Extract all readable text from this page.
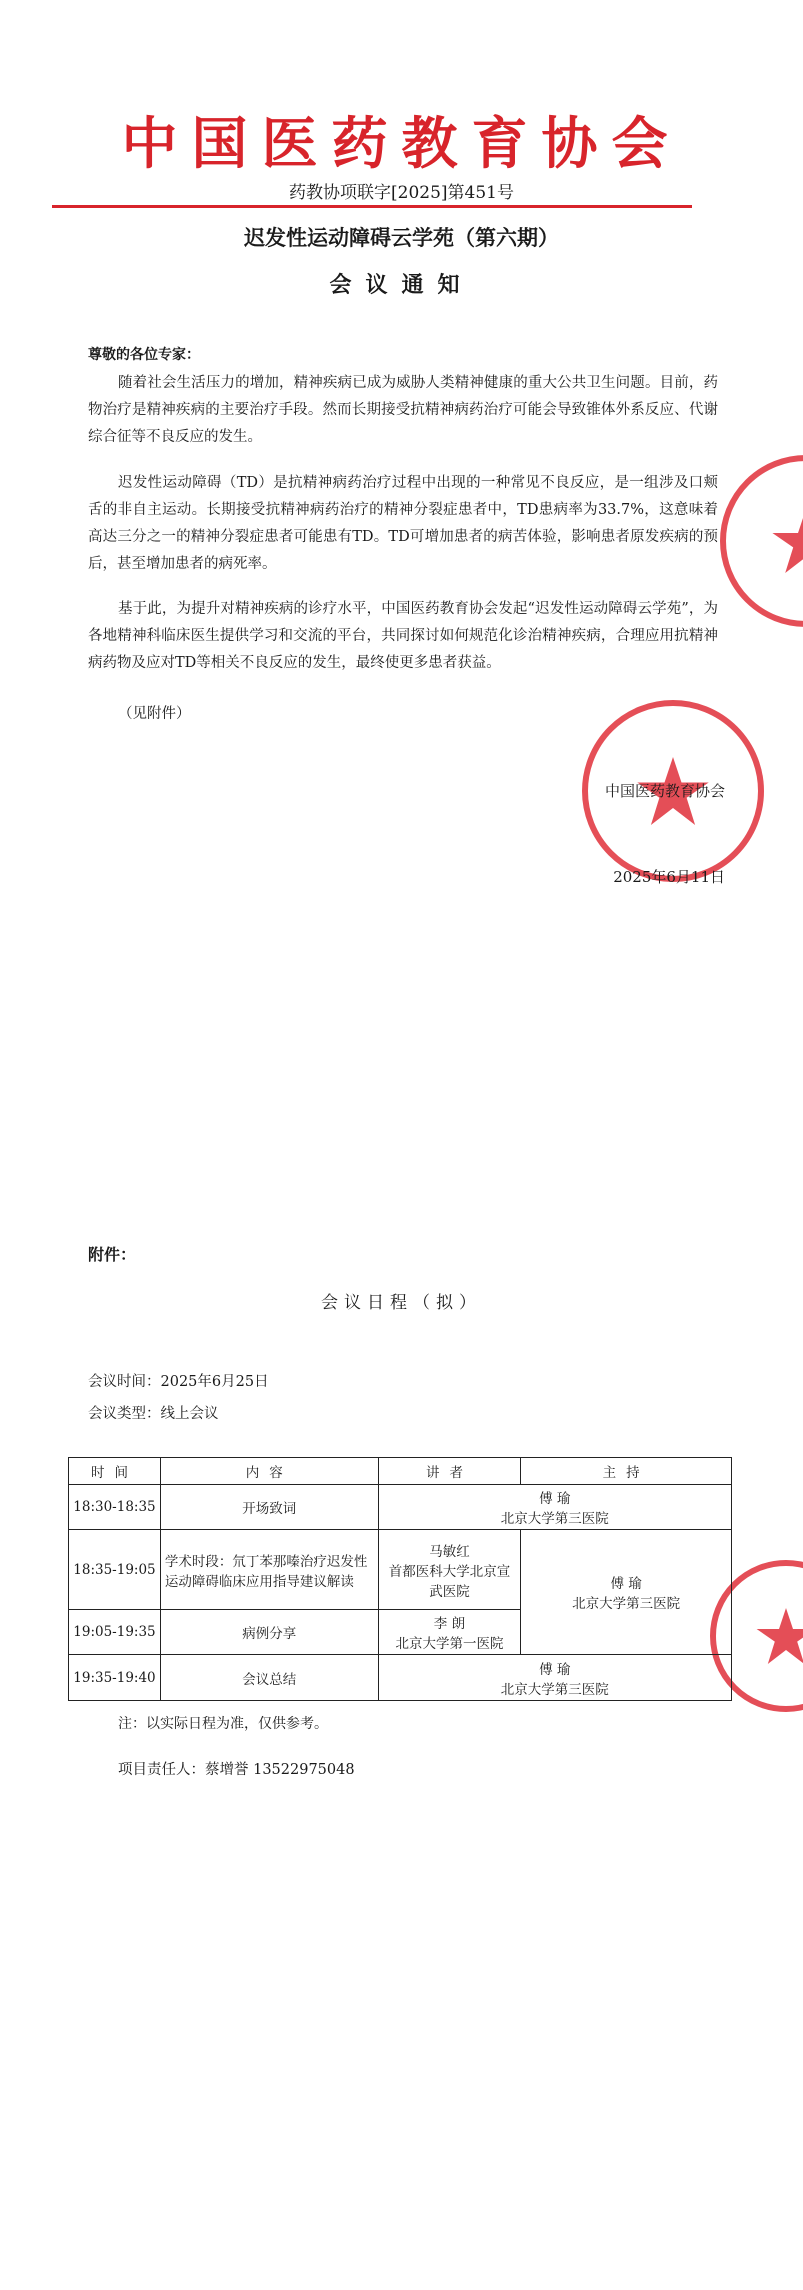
中国医药教育协会
药教协项联字[2025]第451号
迟发性运动障碍云学苑（第六期）
会议通知
尊敬的各位专家：
随着社会生活压力的增加，精神疾病已成为威胁人类精神健康的重大公共卫生问题。目前，药物治疗是精神疾病的主要治疗手段。然而长期接受抗精神病药治疗可能会导致锥体外系反应、代谢综合征等不良反应的发生。
迟发性运动障碍（TD）是抗精神病药治疗过程中出现的一种常见不良反应，是一组涉及口颊舌的非自主运动。长期接受抗精神病药治疗的精神分裂症患者中，TD患病率为33.7%，这意味着高达三分之一的精神分裂症患者可能患有TD。TD可增加患者的病苦体验，影响患者原发疾病的预后，甚至增加患者的病死率。
基于此，为提升对精神疾病的诊疗水平，中国医药教育协会发起“迟发性运动障碍云学苑”，为各地精神科临床医生提供学习和交流的平台，共同探讨如何规范化诊治精神疾病，合理应用抗精神病药物及应对TD等相关不良反应的发生，最终使更多患者获益。
（见附件）
中国医药教育协会
2025年6月11日
附件：
会议日程（拟）
会议时间：2025年6月25日
会议类型：线上会议
时间	内容	讲者	主持
18:30-18:35	开场致词	傅 瑜
北京大学第三医院	
18:35-19:05	学术时段：氘丁苯那嗪治疗迟发性运动障碍临床应用指导建议解读	马敏红
首都医科大学北京宣武医院	傅 瑜
北京大学第三医院
19:05-19:35	病例分享	李 朗
北京大学第一医院	
19:35-19:40	会议总结	傅 瑜
北京大学第三医院	
注：以实际日程为准，仅供参考。
项目责任人：蔡增誉 13522975048
